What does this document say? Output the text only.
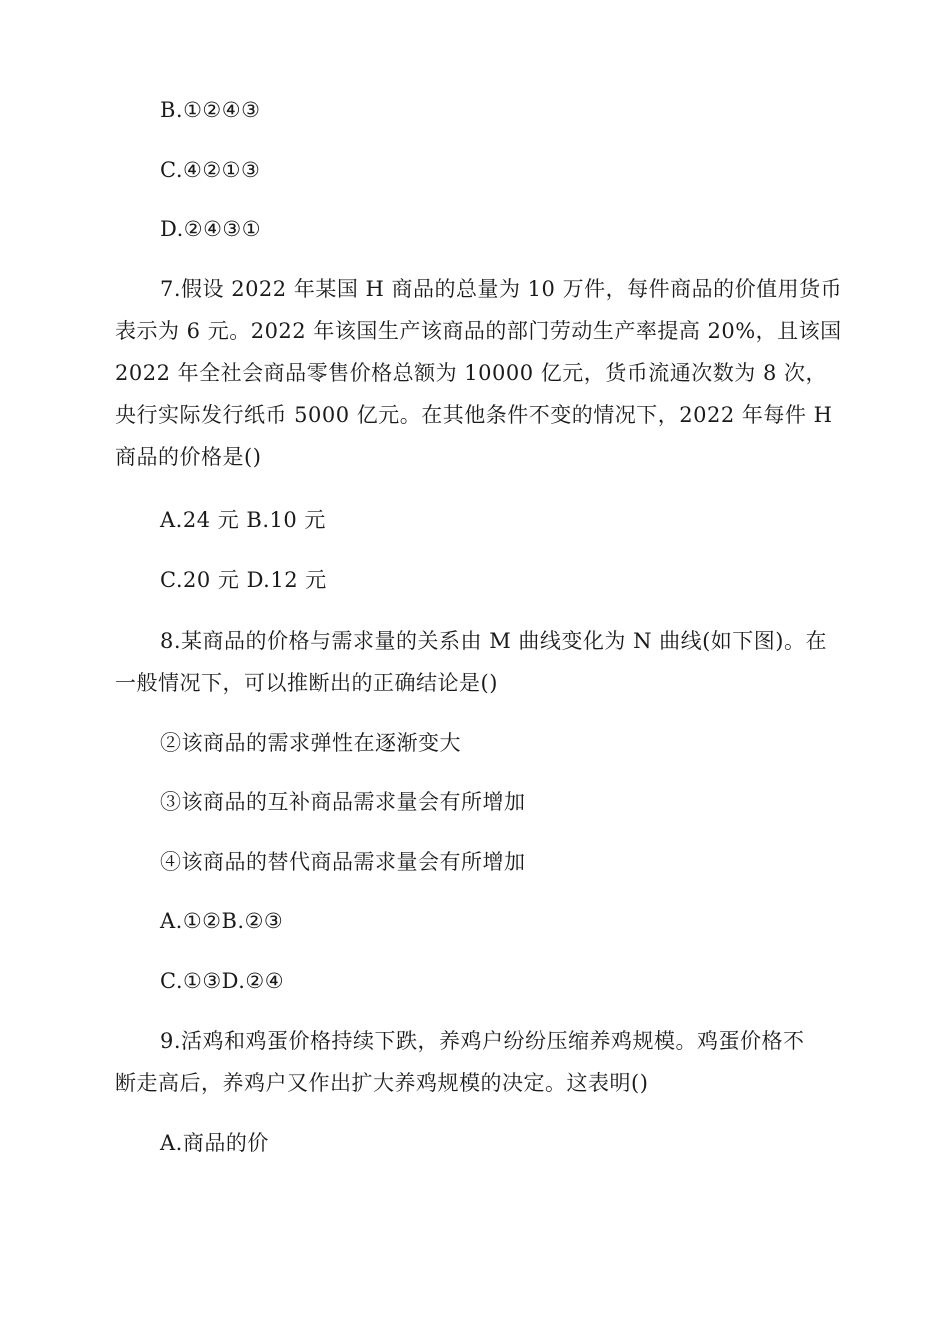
B.①②④③
C.④②①③
D.②④③①
7.假设 2022 年某国 H 商品的总量为 10 万件，每件商品的价值用货币
表示为 6 元。2022 年该国生产该商品的部门劳动生产率提高 20%，且该国
2022 年全社会商品零售价格总额为 10000 亿元，货币流通次数为 8 次，
央行实际发行纸币 5000 亿元。在其他条件不变的情况下，2022 年每件 H
商品的价格是()
A.24 元 B.10 元
C.20 元 D.12 元
8.某商品的价格与需求量的关系由 M 曲线变化为 N 曲线(如下图)。在
一般情况下，可以推断出的正确结论是()
②该商品的需求弹性在逐渐变大
③该商品的互补商品需求量会有所增加
④该商品的替代商品需求量会有所增加
A.①②B.②③
C.①③D.②④
9.活鸡和鸡蛋价格持续下跌，养鸡户纷纷压缩养鸡规模。鸡蛋价格不
断走高后，养鸡户又作出扩大养鸡规模的决定。这表明()
A.商品的价
